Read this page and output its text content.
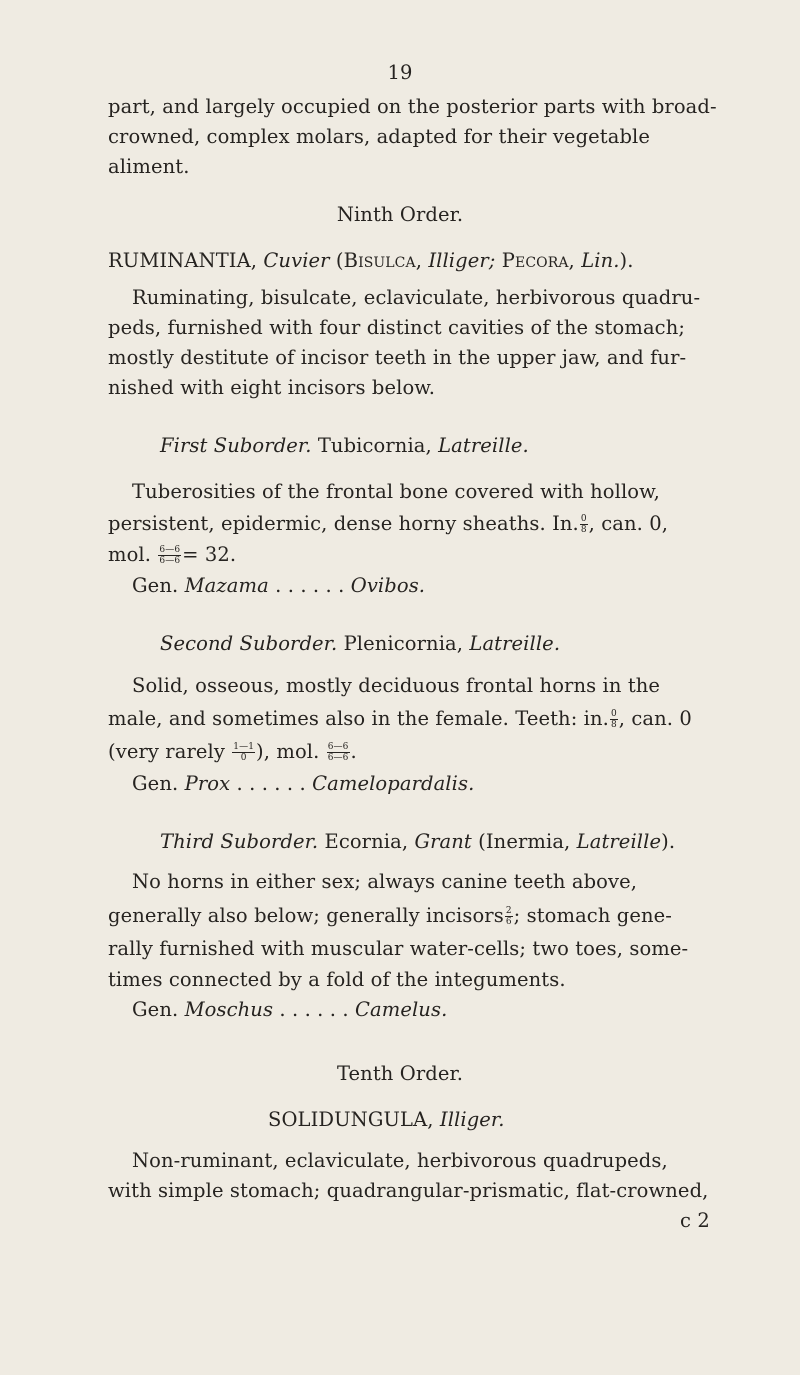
19
part, and largely occupied on the posterior parts with broad-
crowned, complex molars, adapted for their vegetable
aliment.
Ninth Order.
RUMINANTIA, Cuvier (Bisulca, Illiger; Pecora, Lin.).
Ruminating, bisulcate, eclaviculate, herbivorous quadru-
peds, furnished with four distinct cavities of the stomach;
mostly destitute of incisor teeth in the upper jaw, and fur-
nished with eight incisors below.
First Suborder. Tubicornia, Latreille.
Tuberosities of the frontal bone covered with hollow,
persistent, epidermic, dense horny sheaths. In. $\frac{0}{8}$ , can. 0,
mol. $\frac{6—6}{6—6} = 32$.
Gen. Mazama . . . . . . Ovibos.
Second Suborder. Plenicornia, Latreille.
Solid, osseous, mostly deciduous frontal horns in the
male, and sometimes also in the female. Teeth: in. $\frac{0}{8}$ , can. 0
(very rarely $\frac{1—1}{0}$ ), mol. $\frac{6—6}{6—6}$ .
Gen. Prox . . . . . . Camelopardalis.
Third Suborder. Ecornia, Grant (Inermia, Latreille).
No horns in either sex; always canine teeth above,
generally also below; generally incisors $\frac{2}{6}$ ; stomach gene-
rally furnished with muscular water-cells; two toes, some-
times connected by a fold of the integuments.
Gen. Moschus . . . . . . Camelus.
Tenth Order.
SOLIDUNGULA, Illiger.
Non-ruminant, eclaviculate, herbivorous quadrupeds,
with simple stomach; quadrangular-prismatic, flat-crowned,
c 2
